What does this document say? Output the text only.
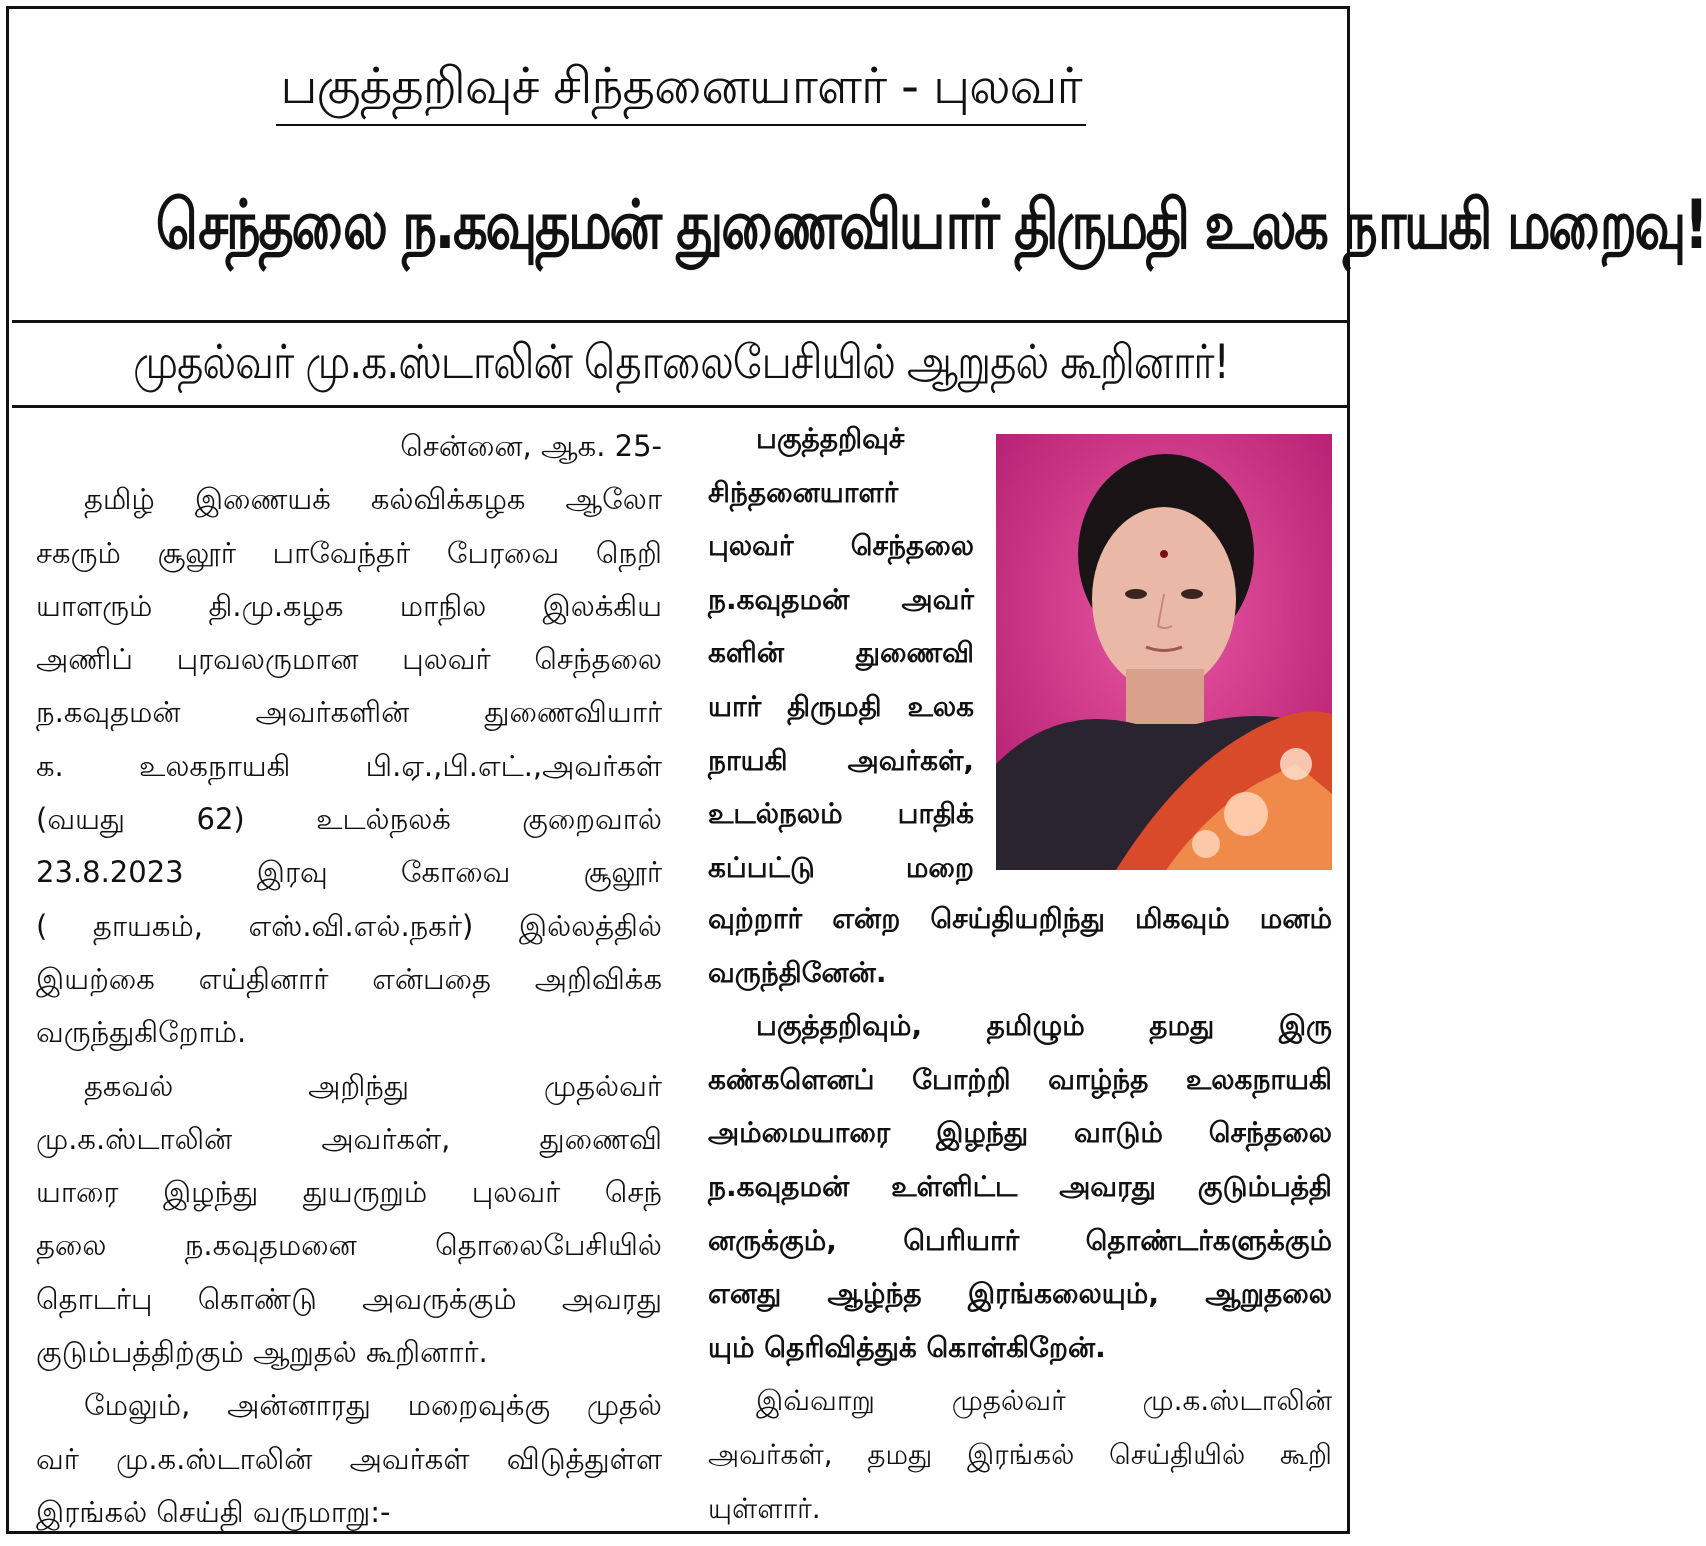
பகுத்தறிவுச் சிந்தனையாளர் - புலவர்
செந்தலை ந.கவுதமன் துணைவியார் திருமதி உலக நாயகி மறைவு!
முதல்வர் மு.க.ஸ்டாலின் தொலைபேசியில் ஆறுதல் கூறினார்!
சென்னை, ஆக. 25-
தமிழ் இணையக் கல்விக்கழக ஆலோ
சகரும் சூலூர் பாவேந்தர் பேரவை நெறி
யாளரும் தி.மு.கழக மாநில இலக்கிய
அணிப் புரவலருமான புலவர் செந்தலை
ந.கவுதமன் அவர்களின் துணைவியார்
க. உலகநாயகி பி.ஏ.,பி.எட்.,அவர்கள்
(வயது 62) உடல்நலக் குறைவால்
23.8.2023 இரவு கோவை சூலூர்
( தாயகம், எஸ்.வி.எல்.நகர்) இல்லத்தில்
இயற்கை எய்தினார் என்பதை அறிவிக்க
வருந்துகிறோம்.
தகவல் அறிந்து முதல்வர்
மு.க.ஸ்டாலின் அவர்கள், துணைவி
யாரை இழந்து துயருறும் புலவர் செந்
தலை ந.கவுதமனை தொலைபேசியில்
தொடர்பு கொண்டு அவருக்கும் அவரது
குடும்பத்திற்கும் ஆறுதல் கூறினார்.
மேலும், அன்னாரது மறைவுக்கு முதல்
வர் மு.க.ஸ்டாலின் அவர்கள் விடுத்துள்ள
இரங்கல் செய்தி வருமாறு:-
பகுத்தறிவுச்
சிந்தனையாளர்
புலவர் செந்தலை
ந.கவுதமன் அவர்
களின் துணைவி
யார் திருமதி உலக
நாயகி அவர்கள்,
உடல்நலம் பாதிக்
கப்பட்டு மறை
வுற்றார் என்ற செய்தியறிந்து மிகவும் மனம்
வருந்தினேன்.
பகுத்தறிவும், தமிழும் தமது இரு
கண்களெனப் போற்றி வாழ்ந்த உலகநாயகி
அம்மையாரை இழந்து வாடும் செந்தலை
ந.கவுதமன் உள்ளிட்ட அவரது குடும்பத்தி
னருக்கும், பெரியார் தொண்டர்களுக்கும்
எனது ஆழ்ந்த இரங்கலையும், ஆறுதலை
யும் தெரிவித்துக் கொள்கிறேன்.
இவ்வாறு முதல்வர் மு.க.ஸ்டாலின்
அவர்கள், தமது இரங்கல் செய்தியில் கூறி
யுள்ளார்.
